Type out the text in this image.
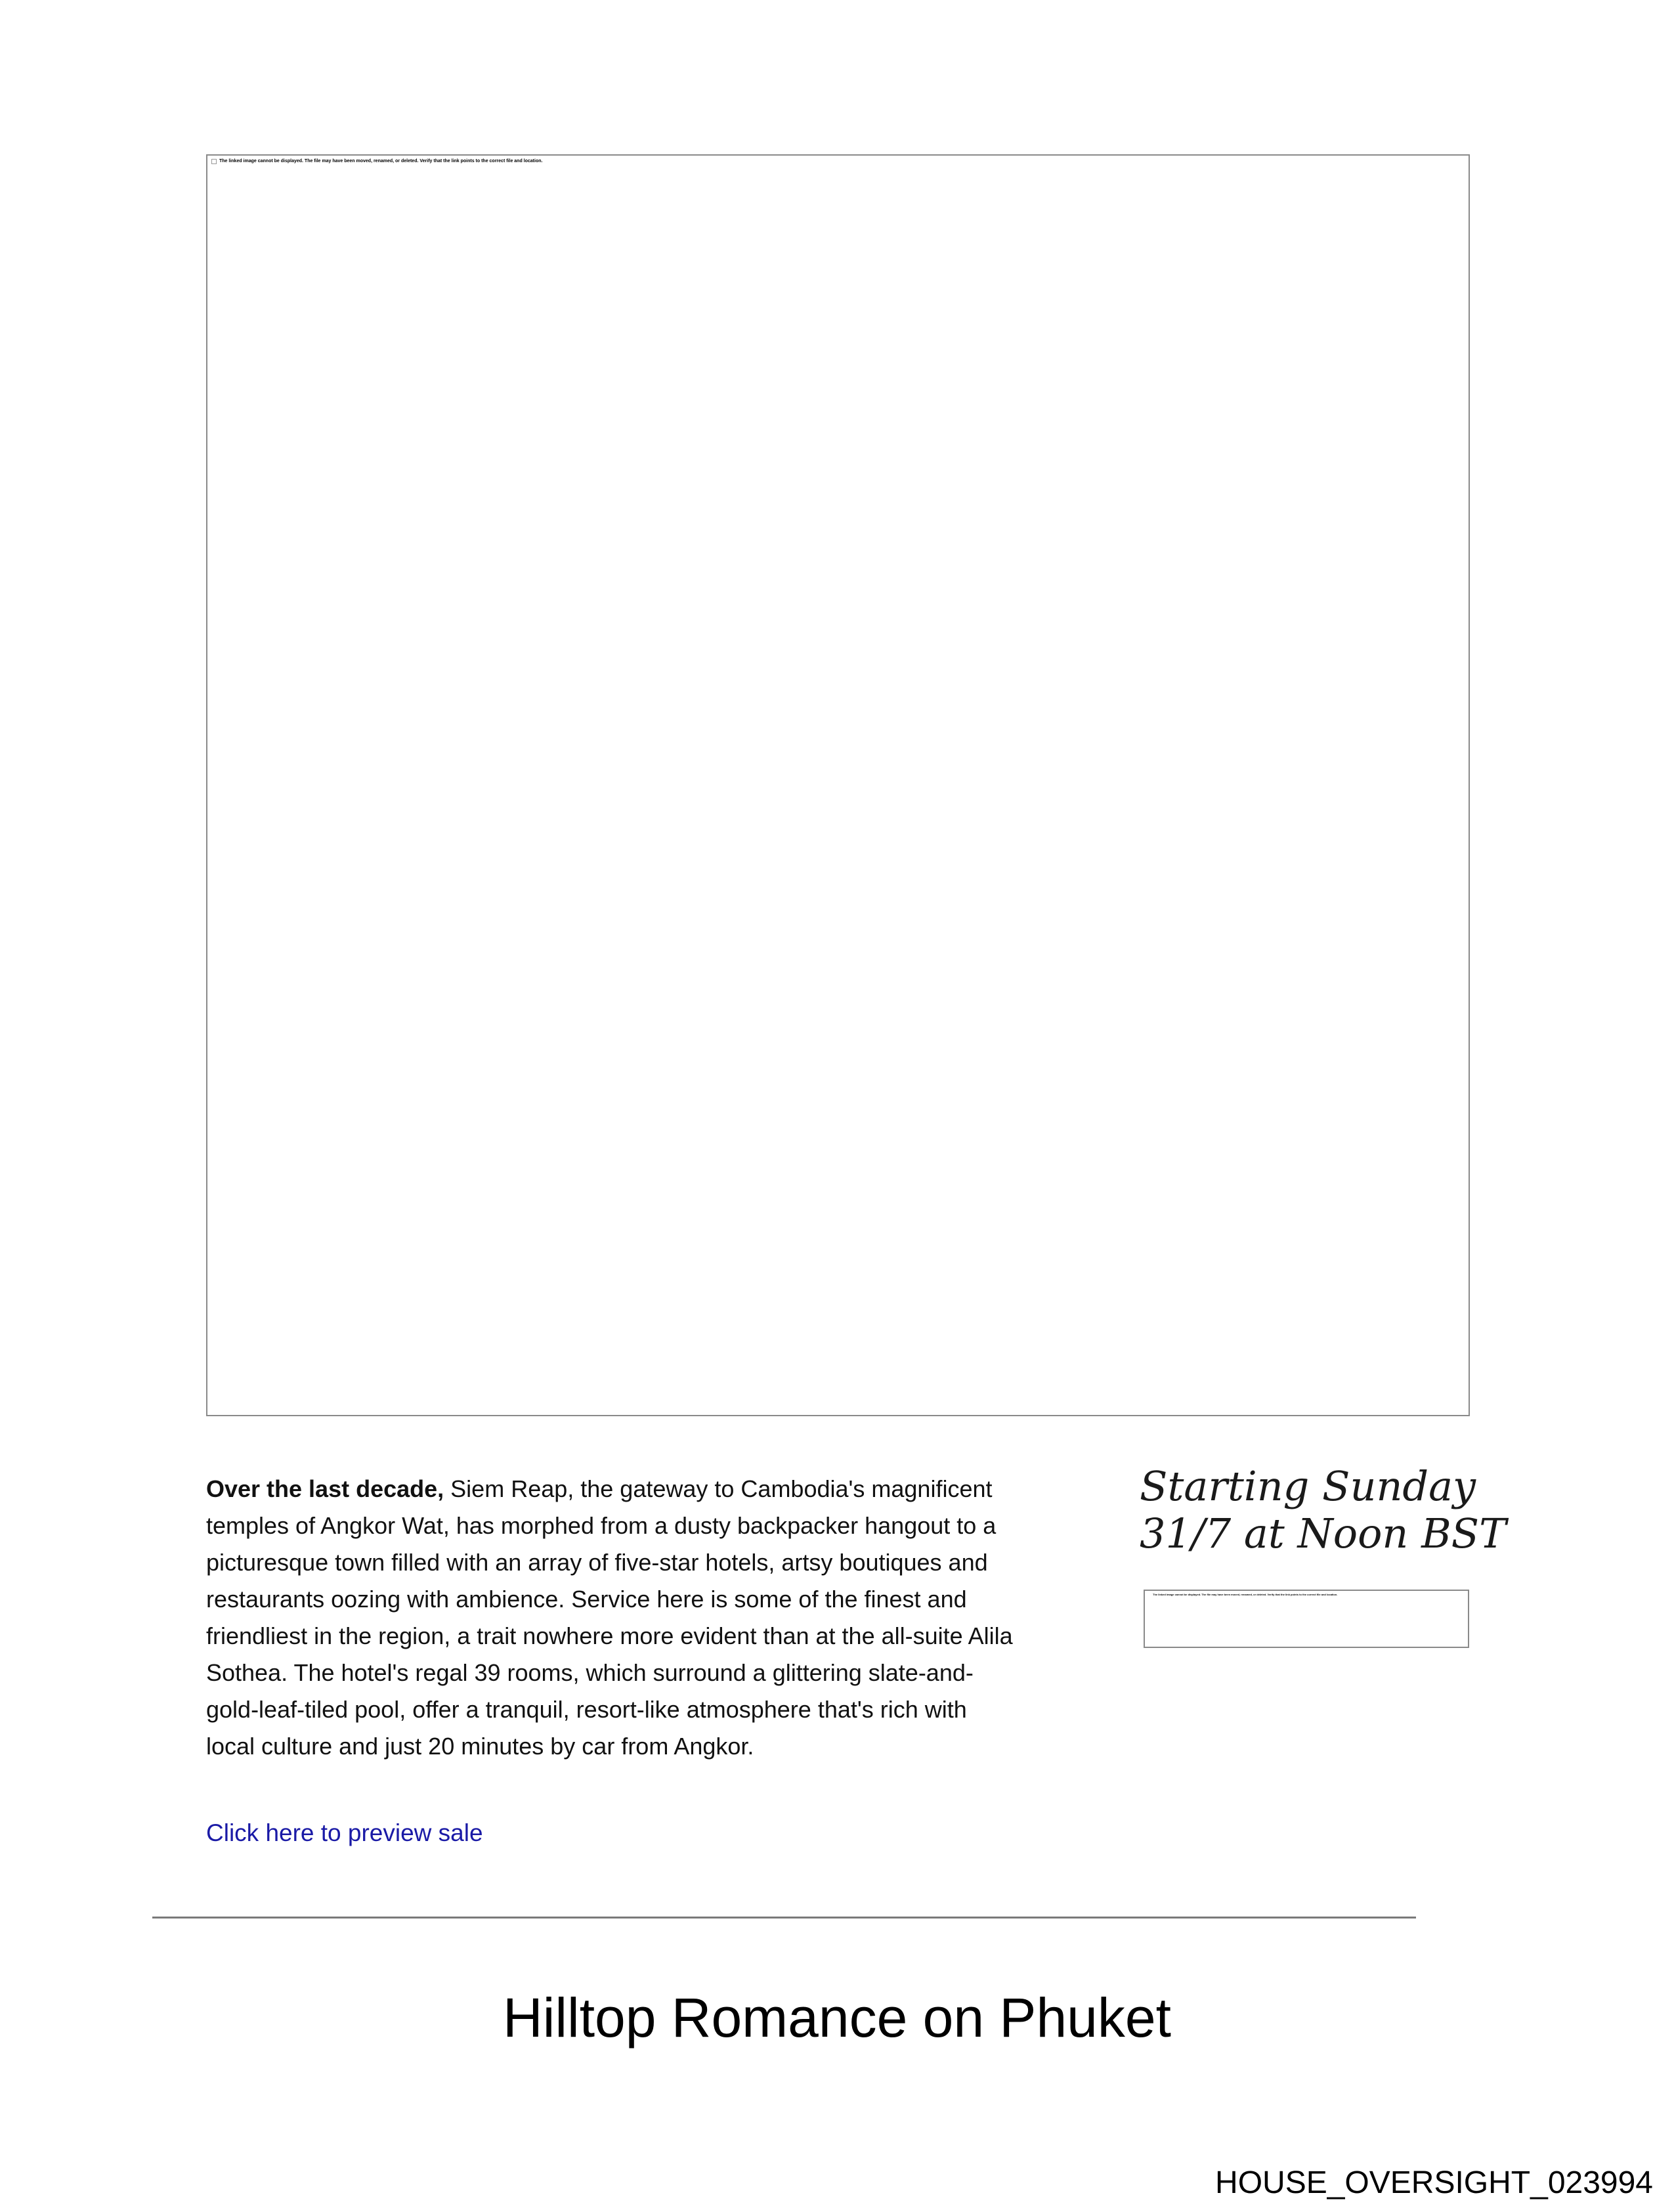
The linked image cannot be displayed. The file may have been moved, renamed, or deleted. Verify that the link points to the correct file and location.

Over the last decade, Siem Reap, the gateway to Cambodia's magnificent temples of Angkor Wat, has morphed from a dusty backpacker hangout to a picturesque town filled with an array of five-star hotels, artsy boutiques and restaurants oozing with ambience. Service here is some of the finest and friendliest in the region, a trait nowhere more evident than at the all-suite Alila Sothea. The hotel's regal 39 rooms, which surround a glittering slate-and-gold-leaf-tiled pool, offer a tranquil, resort-like atmosphere that's rich with local culture and just 20 minutes by car from Angkor.

Click here to preview sale
Starting Sunday
31/7 at Noon BST
The linked image cannot be displayed. The file may have been moved, renamed, or deleted. Verify that the link points to the correct file and location.
Hilltop Romance on Phuket
HOUSE_OVERSIGHT_023994
